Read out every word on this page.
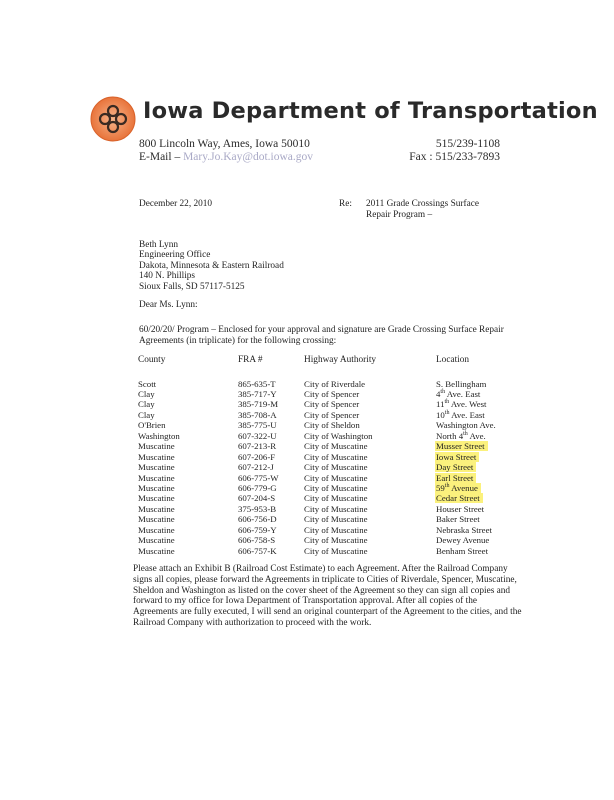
Iowa Department of Transportation
800 Lincoln Way, Ames, Iowa 50010
E-Mail – Mary.Jo.Kay@dot.iowa.gov
515/239-1108
Fax : 515/233-7893
December 22, 2010	Re: 2011 Grade Crossings Surface
Repair Program –
Beth Lynn
Engineering Office
Dakota, Minnesota & Eastern Railroad
140 N. Phillips
Sioux Falls, SD 57117-5125
Dear Ms. Lynn:
60/20/20/ Program – Enclosed for your approval and signature are Grade Crossing Surface Repair Agreements (in triplicate) for the following crossing:
County	FRA #	Highway Authority	Location
Scott	865-635-T	City of Riverdale	S. Bellingham
Clay	385-717-Y	City of Spencer	4th Ave. East
Clay	385-719-M	City of Spencer	11th Ave. West
Clay	385-708-A	City of Spencer	10th Ave. East
O'Brien	385-775-U	City of Sheldon	Washington Ave.
Washington	607-322-U	City of Washington	North 4th Ave.
Muscatine	607-213-R	City of Muscatine	Musser Street
Muscatine	607-206-F	City of Muscatine	Iowa Street
Muscatine	607-212-J	City of Muscatine	Day Street
Muscatine	606-775-W	City of Muscatine	Earl Street
Muscatine	606-779-G	City of Muscatine	59th Avenue
Muscatine	607-204-S	City of Muscatine	Cedar Street
Muscatine	375-953-B	City of Muscatine	Houser Street
Muscatine	606-756-D	City of Muscatine	Baker Street
Muscatine	606-759-Y	City of Muscatine	Nebraska Street
Muscatine	606-758-S	City of Muscatine	Dewey Avenue
Muscatine	606-757-K	City of Muscatine	Benham Street
Please attach an Exhibit B (Railroad Cost Estimate) to each Agreement. After the Railroad Company signs all copies, please forward the Agreements in triplicate to Cities of Riverdale, Spencer, Muscatine, Sheldon and Washington as listed on the cover sheet of the Agreement so they can sign all copies and forward to my office for Iowa Department of Transportation approval. After all copies of the Agreements are fully executed, I will send an original counterpart of the Agreement to the cities, and the Railroad Company with authorization to proceed with the work.
